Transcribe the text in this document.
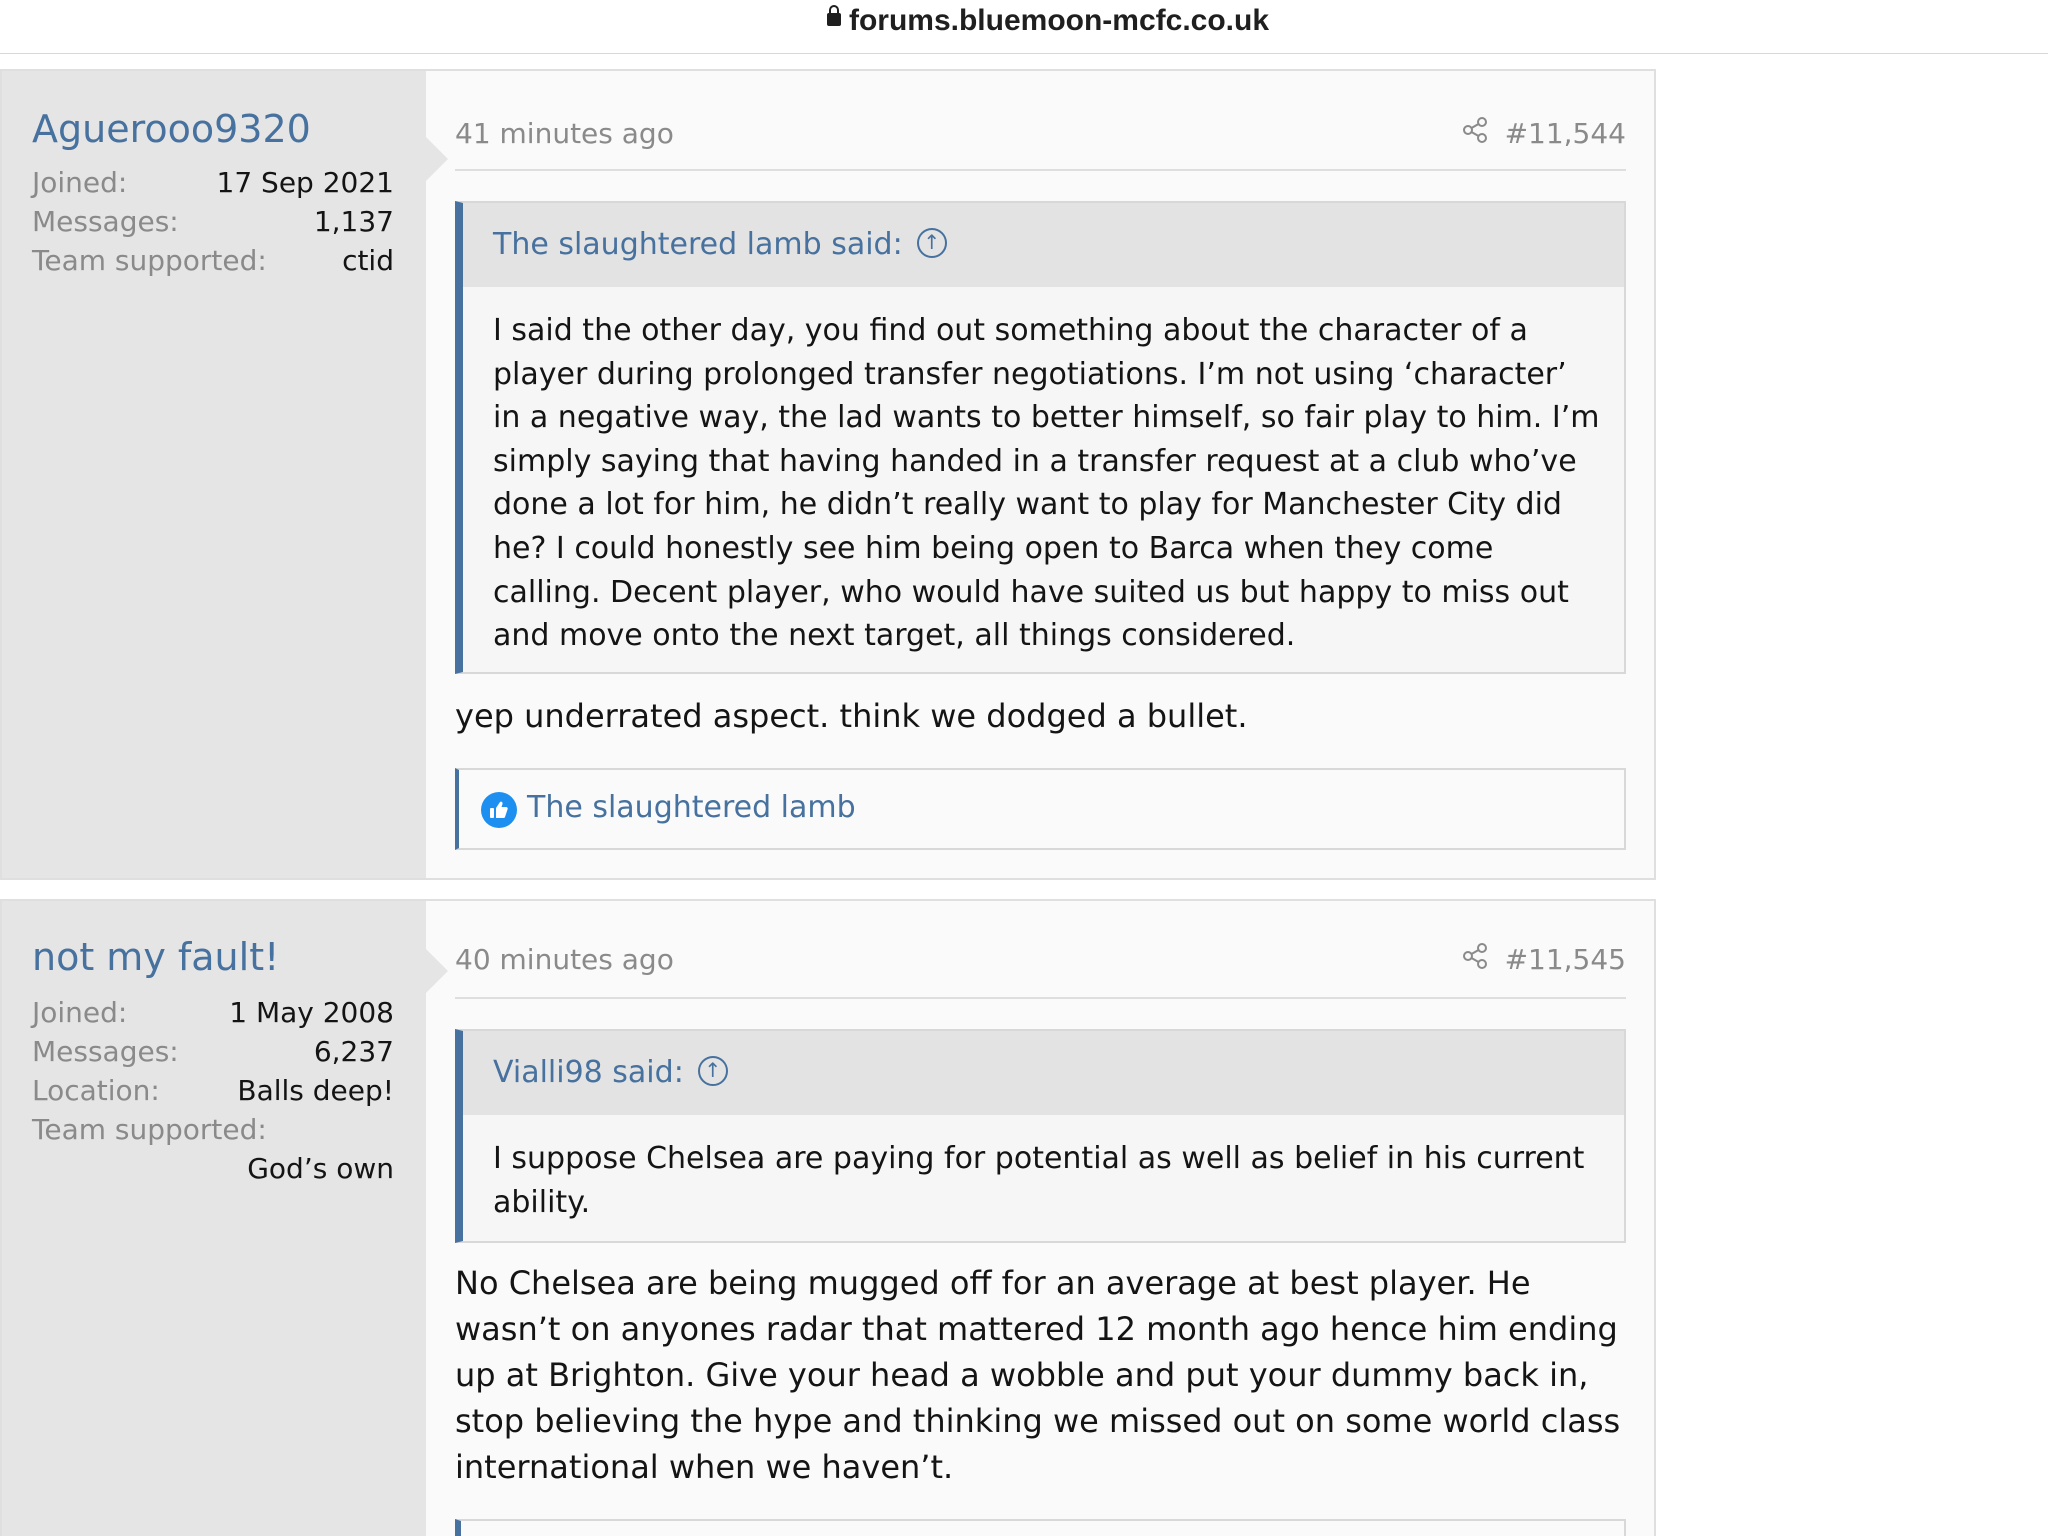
forums.bluemoon-mcfc.co.uk
Aguerooo9320
Joined:	17 Sep 2021
Messages:	1,137
Team supported:	ctid
41 minutes ago	#11,544
The slaughtered lamb said:↑
I said the other day, you find out something about the character of a player during prolonged transfer negotiations. I’m not using ‘character’ in a negative way, the lad wants to better himself, so fair play to him. I’m simply saying that having handed in a transfer request at a club who’ve done a lot for him, he didn’t really want to play for Manchester City did he? I could honestly see him being open to Barca when they come calling. Decent player, who would have suited us but happy to miss out and move onto the next target, all things considered.
yep underrated aspect. think we dodged a bullet.
The slaughtered lamb
not my fault!
Joined:	1 May 2008
Messages:	6,237
Location:	Balls deep!
Team supported:
God’s own
40 minutes ago	#11,545
Vialli98 said:↑
I suppose Chelsea are paying for potential as well as belief in his current ability.
No Chelsea are being mugged off for an average at best player. He wasn’t on anyones radar that mattered 12 month ago hence him ending up at Brighton. Give your head a wobble and put your dummy back in, stop believing the hype and thinking we missed out on some world class international when we haven’t.
